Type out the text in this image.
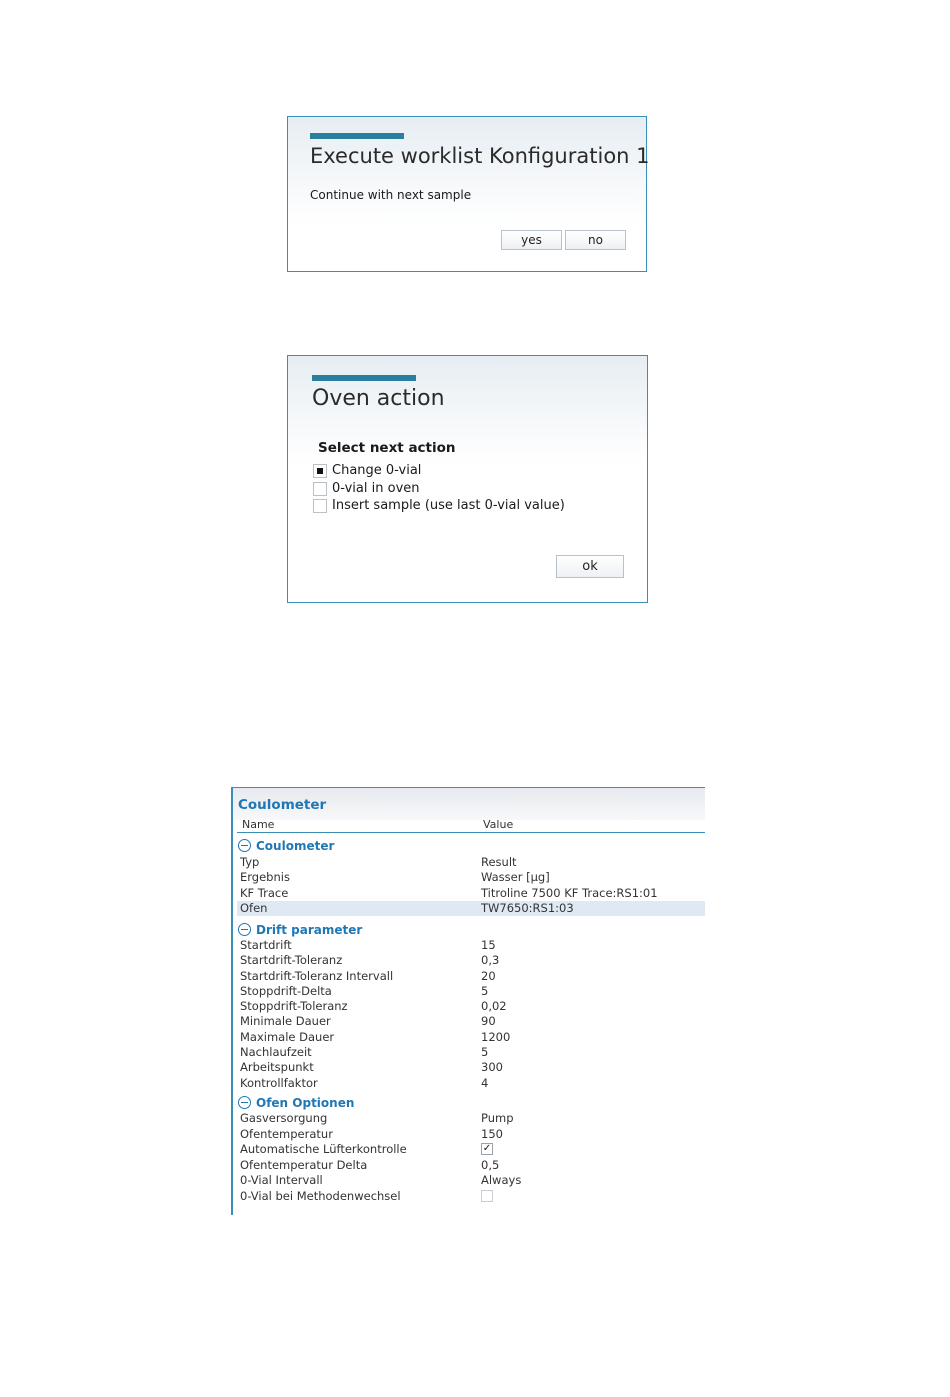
Execute worklist Konfiguration 1
Continue with next sample
yes	no
Oven action
Select next action
Change 0-vial
0-vial in oven
Insert sample (use last 0-vial value)
ok
Coulometer
Name	Value
Coulometer
Typ	Result
Ergebnis	Wasser [µg]
KF Trace	Titroline 7500 KF Trace:RS1:01
Ofen	TW7650:RS1:03
Drift parameter
Startdrift	15
Startdrift-Toleranz	0,3
Startdrift-Toleranz Intervall	20
Stoppdrift-Delta	5
Stoppdrift-Toleranz	0,02
Minimale Dauer	90
Maximale Dauer	1200
Nachlaufzeit	5
Arbeitspunkt	300
Kontrollfaktor	4
Ofen Optionen
Gasversorgung	Pump
Ofentemperatur	150
Automatische Lüfterkontrolle	✓
Ofentemperatur Delta	0,5
0-Vial Intervall	Always
0-Vial bei Methodenwechsel
